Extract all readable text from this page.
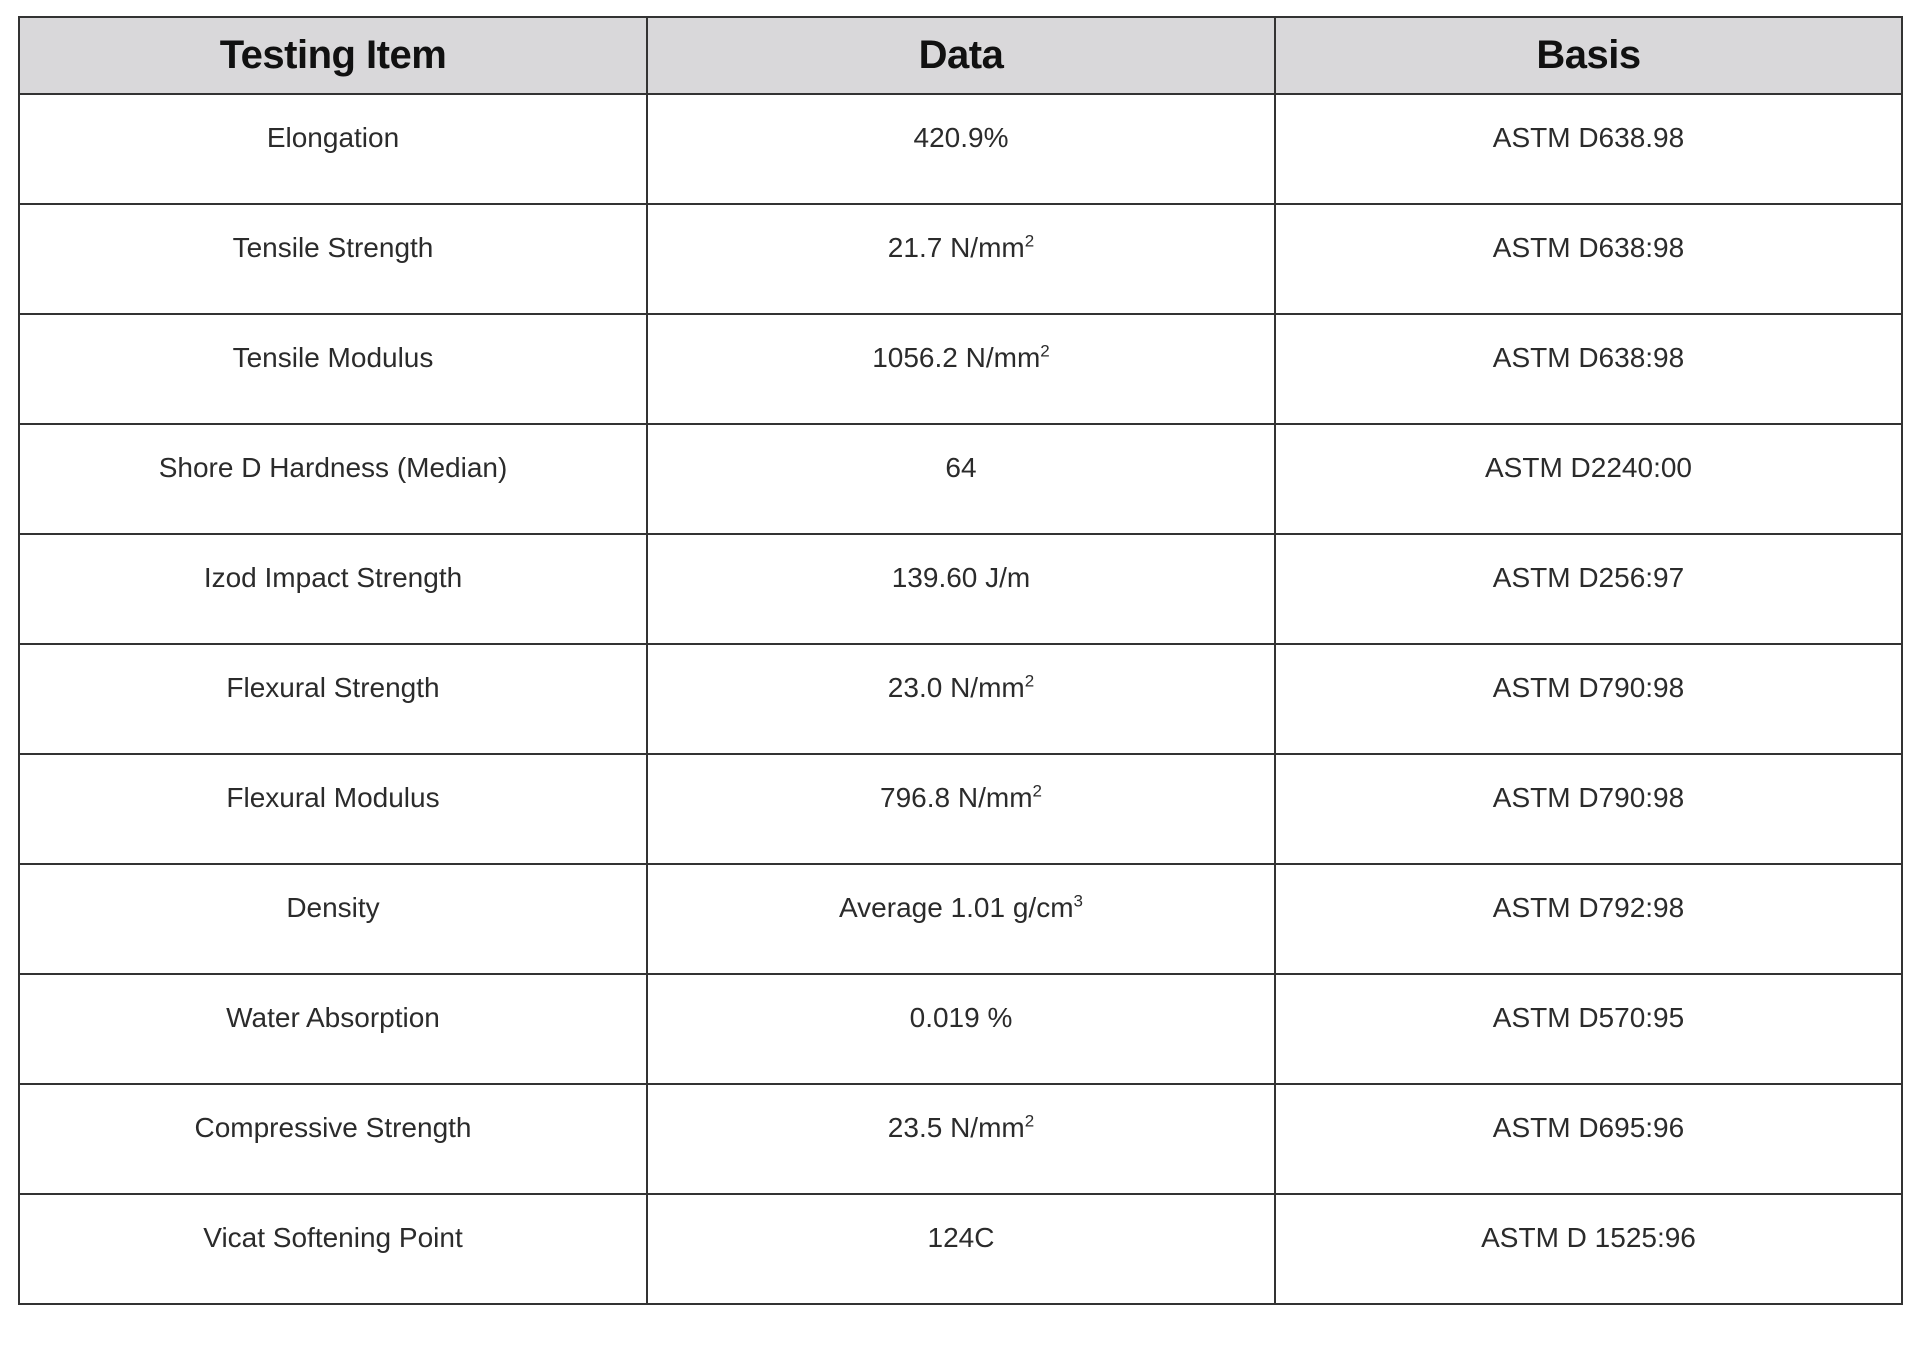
Testing Item	Data	Basis
Elongation	420.9%	ASTM D638.98
Tensile Strength	21.7 $N/mm^2$	ASTM D638:98
Tensile Modulus	1056.2 $N/mm^2$	ASTM D638:98
Shore D Hardness (Median)	64	ASTM D2240:00
Izod Impact Strength	139.60 J/m	ASTM D256:97
Flexural Strength	23.0 $N/mm^2$	ASTM D790:98
Flexural Modulus	796.8 $N/mm^2$	ASTM D790:98
Density	Average 1.01 $g/cm^3$	ASTM D792:98
Water Absorption	0.019 %	ASTM D570:95
Compressive Strength	23.5 $N/mm^2$	ASTM D695:96
Vicat Softening Point	124C	ASTM D 1525:96
